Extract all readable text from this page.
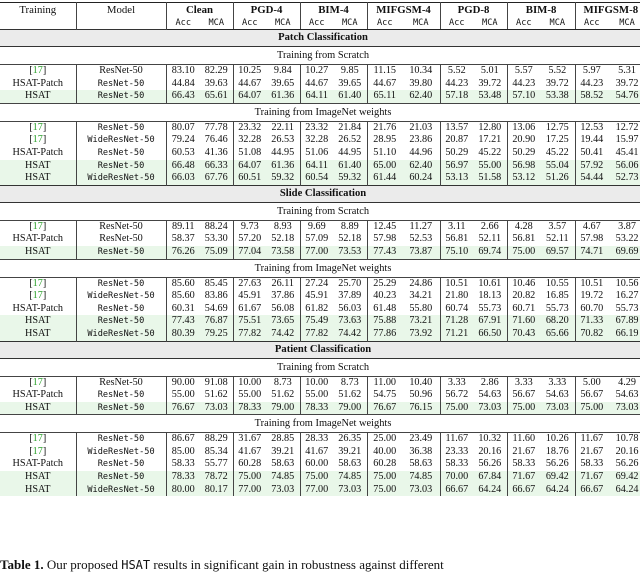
Training	Model	Clean		PGD-4		BIM-4		MIFGSM-4		PGD-8		BIM-8		MIFGSM-8	
		Acc	MCA	Acc	MCA	Acc	MCA	Acc	MCA	Acc	MCA	Acc	MCA	Acc	MCA
Patch Classification															
Training from Scratch															
[17]	ResNet-50	83.10	82.29	10.25	9.84	10.27	9.85	11.15	10.34	5.52	5.01	5.57	5.52	5.97	5.31
HSAT-Patch	ResNet-50	44.84	39.63	44.67	39.65	44.67	39.65	44.67	39.80	44.23	39.72	44.23	39.72	44.23	39.72
HSAT	ResNet-50	66.43	65.61	64.07	61.36	64.11	61.40	65.11	62.40	57.18	53.48	57.10	53.38	58.52	54.76
Training from ImageNet weights															
[17]	ResNet-50	80.07	77.78	23.32	22.11	23.32	21.84	21.76	21.03	13.57	12.80	13.06	12.75	12.53	12.72
[17]	WideResNet-50	79.24	76.46	32.28	26.53	32.28	26.52	28.95	23.86	20.87	17.21	20.90	17.25	19.44	15.97
HSAT-Patch	ResNet-50	60.53	41.36	51.08	44.95	51.06	44.95	51.10	44.96	50.29	45.22	50.29	45.22	50.41	45.41
HSAT	ResNet-50	66.48	66.33	64.07	61.36	64.11	61.40	65.00	62.40	56.97	55.00	56.98	55.04	57.92	56.06
HSAT	WideResNet-50	66.03	67.76	60.51	59.32	60.54	59.32	61.44	60.24	53.13	51.58	53.12	51.26	54.44	52.73
Slide Classification															
Training from Scratch															
[17]	ResNet-50	89.11	88.24	9.73	8.93	9.69	8.89	12.45	11.27	3.11	2.66	4.28	3.57	4.67	3.87
HSAT-Patch	ResNet-50	58.37	53.30	57.20	52.18	57.09	52.18	57.98	52.53	56.81	52.11	56.81	52.11	57.98	53.22
HSAT	ResNet-50	76.26	75.09	77.04	73.58	77.00	73.53	77.43	73.87	75.10	69.74	75.00	69.57	74.71	69.69
Training from ImageNet weights															
[17]	ResNet-50	85.60	85.45	27.63	26.11	27.24	25.70	25.29	24.86	10.51	10.61	10.46	10.55	10.51	10.56
[17]	WideResNet-50	85.60	83.86	45.91	37.86	45.91	37.89	40.23	34.21	21.80	18.13	20.82	16.85	19.72	16.27
HSAT-Patch	ResNet-50	60.31	54.69	61.67	56.08	61.82	56.03	61.48	55.80	60.74	55.73	60.71	55.73	60.70	55.73
HSAT	ResNet-50	77.43	76.87	75.51	73.65	75.49	73.63	75.88	73.21	71.28	67.91	71.60	68.20	71.33	67.89
HSAT	WideResNet-50	80.39	79.25	77.82	74.42	77.82	74.42	77.86	73.92	71.21	66.50	70.43	65.66	70.82	66.19
Patient Classification															
Training from Scratch															
[17]	ResNet-50	90.00	91.08	10.00	8.73	10.00	8.73	11.00	10.40	3.33	2.86	3.33	3.33	5.00	4.29
HSAT-Patch	ResNet-50	55.00	51.62	55.00	51.62	55.00	51.62	54.75	50.96	56.72	54.63	56.67	54.63	56.67	54.63
HSAT	ResNet-50	76.67	73.03	78.33	79.00	78.33	79.00	76.67	76.15	75.00	73.03	75.00	73.03	75.00	73.03
Training from ImageNet weights															
[17]	ResNet-50	86.67	88.29	31.67	28.85	28.33	26.35	25.00	23.49	11.67	10.32	11.60	10.26	11.67	10.78
[17]	WideResNet-50	85.00	85.34	41.67	39.21	41.67	39.21	40.00	36.38	23.33	20.16	21.67	18.76	21.67	20.16
HSAT-Patch	ResNet-50	58.33	55.77	60.28	58.63	60.00	58.63	60.28	58.63	58.33	56.26	58.33	56.26	58.33	56.26
HSAT	ResNet-50	78.33	78.72	75.00	74.85	75.00	74.85	75.00	74.85	70.00	67.84	71.67	69.42	71.67	69.42
HSAT	WideResNet-50	80.00	80.17	77.00	73.03	77.00	73.03	75.00	73.03	66.67	64.24	66.67	64.24	66.67	64.24
Table 1. Our proposed HSAT results in significant gain in robustness against different
